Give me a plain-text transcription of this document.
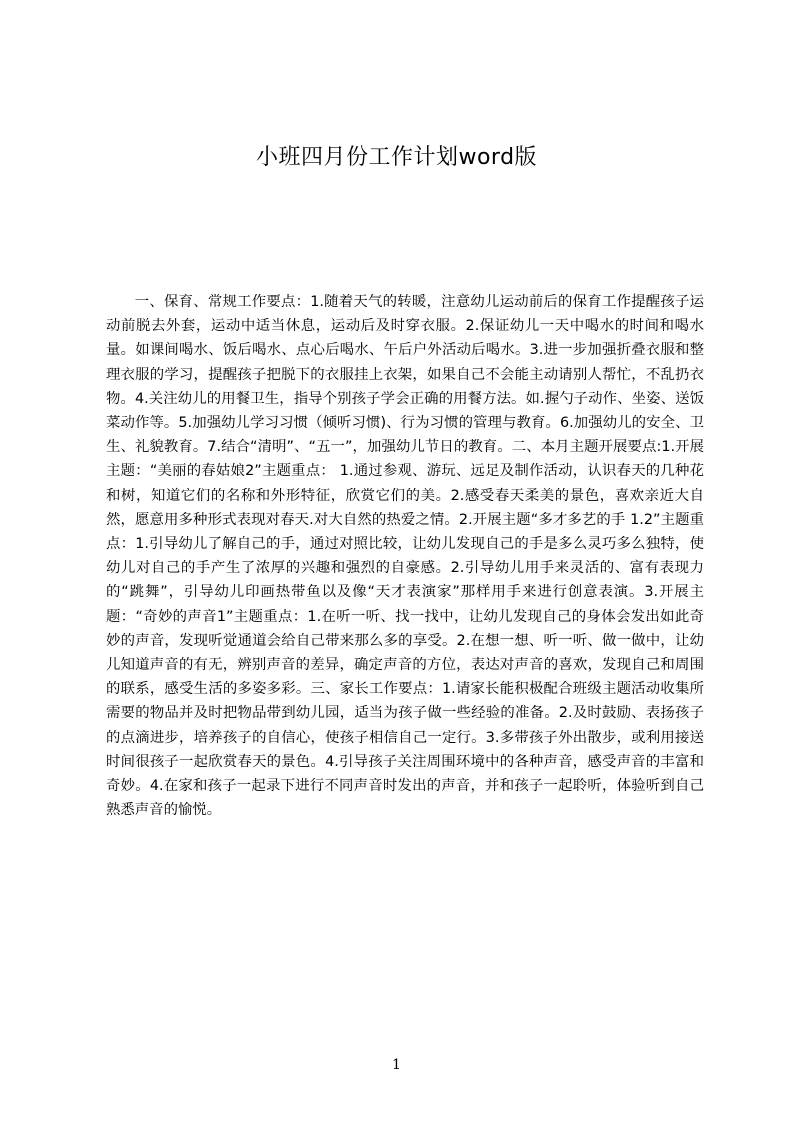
小班四月份工作计划word版

一、保育、常规工作要点：1.随着天气的转暖，注意幼儿运动前后的保育工作提醒孩子运动前脱去外套，运动中适当休息，运动后及时穿衣服。2.保证幼儿一天中喝水的时间和喝水量。如课间喝水、饭后喝水、点心后喝水、午后户外活动后喝水。3.进一步加强折叠衣服和整理衣服的学习，提醒孩子把脱下的衣服挂上衣架，如果自己不会能主动请别人帮忙，不乱扔衣物。4.关注幼儿的用餐卫生，指导个别孩子学会正确的用餐方法。如.握勺子动作、坐姿、送饭菜动作等。5.加强幼儿学习习惯（倾听习惯)、行为习惯的管理与教育。6.加强幼儿的安全、卫生、礼貌教育。7.结合“清明”、“五一”，加强幼儿节日的教育。二、本月主题开展要点:1.开展主题：“美丽的春姑娘2”主题重点： 1.通过参观、游玩、远足及制作活动，认识春天的几种花和树，知道它们的名称和外形特征，欣赏它们的美。2.感受春天柔美的景色，喜欢亲近大自然，愿意用多种形式表现对春天.对大自然的热爱之情。2.开展主题“多才多艺的手 1.2”主题重点：1.引导幼儿了解自己的手，通过对照比较，让幼儿发现自己的手是多么灵巧多么独特，使幼儿对自己的手产生了浓厚的兴趣和强烈的自豪感。2.引导幼儿用手来灵活的、富有表现力的“跳舞”，引导幼儿印画热带鱼以及像“天才表演家”那样用手来进行创意表演。3.开展主题：“奇妙的声音1”主题重点：1.在听一听、找一找中，让幼儿发现自己的身体会发出如此奇妙的声音，发现听觉通道会给自己带来那么多的享受。2.在想一想、听一听、做一做中，让幼儿知道声音的有无，辨别声音的差异，确定声音的方位，表达对声音的喜欢，发现自己和周围的联系，感受生活的多姿多彩。三、家长工作要点：1.请家长能积极配合班级主题活动收集所需要的物品并及时把物品带到幼儿园，适当为孩子做一些经验的准备。2.及时鼓励、表扬孩子的点滴进步，培养孩子的自信心，使孩子相信自己一定行。3.多带孩子外出散步，或利用接送时间很孩子一起欣赏春天的景色。4.引导孩子关注周围环境中的各种声音，感受声音的丰富和奇妙。4.在家和孩子一起录下进行不同声音时发出的声音，并和孩子一起聆听，体验听到自己熟悉声音的愉悦。

1
